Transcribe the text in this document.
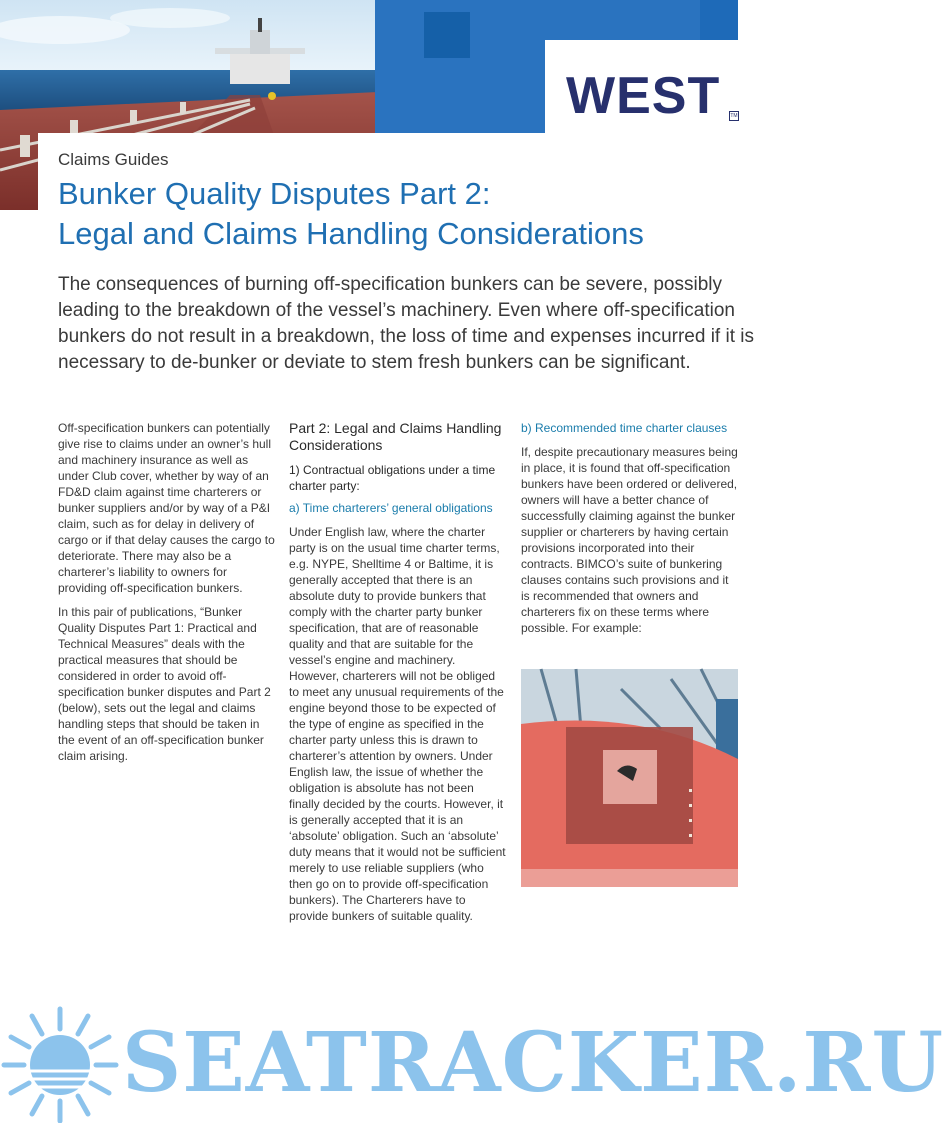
WEST TM
Claims Guides
Bunker Quality Disputes Part 2:
Legal and Claims Handling Considerations
The consequences of burning off-specification bunkers can be severe, possibly leading to the breakdown of the vessel’s machinery. Even where off-specification bunkers do not result in a breakdown, the loss of time and expenses incurred if it is necessary to de-bunker or deviate to stem fresh bunkers can be significant.

Off-specification bunkers can potentially give rise to claims under an owner’s hull and machinery insurance as well as under Club cover, whether by way of an FD&D claim against time charterers or bunker suppliers and/or by way of a P&I claim, such as for delay in delivery of cargo or if that delay causes the cargo to deteriorate. There may also be a charterer’s liability to owners for providing off-specification bunkers.

In this pair of publications, “Bunker Quality Disputes Part 1: Practical and Technical Measures” deals with the practical measures that should be considered in order to avoid off-specification bunker disputes and Part 2 (below), sets out the legal and claims handling steps that should be taken in the event of an off-specification bunker claim arising.

Part 2: Legal and Claims Handling Considerations
1) Contractual obligations under a time charter party:
a) Time charterers’ general obligations

Under English law, where the charter party is on the usual time charter terms, e.g. NYPE, Shelltime 4 or Baltime, it is generally accepted that there is an absolute duty to provide bunkers that comply with the charter party bunker specification, that are of reasonable quality and that are suitable for the vessel’s engine and machinery. However, charterers will not be obliged to meet any unusual requirements of the engine beyond those to be expected of the type of engine as specified in the charter party unless this is drawn to charterer’s attention by owners. Under English law, the issue of whether the obligation is absolute has not been finally decided by the courts. However, it is generally accepted that it is an ‘absolute’ obligation. Such an ‘absolute’ duty means that it would not be sufficient merely to use reliable suppliers (who then go on to provide off-specification bunkers). The Charterers have to provide bunkers of suitable quality.

b) Recommended time charter clauses

If, despite precautionary measures being in place, it is found that off-specification bunkers have been ordered or delivered, owners will have a better chance of successfully claiming against the bunker supplier or charterers by having certain provisions incorporated into their contracts. BIMCO’s suite of bunkering clauses contains such provisions and it is recommended that owners and charterers fix on these terms where possible. For example:

SEATRACKER.RU
